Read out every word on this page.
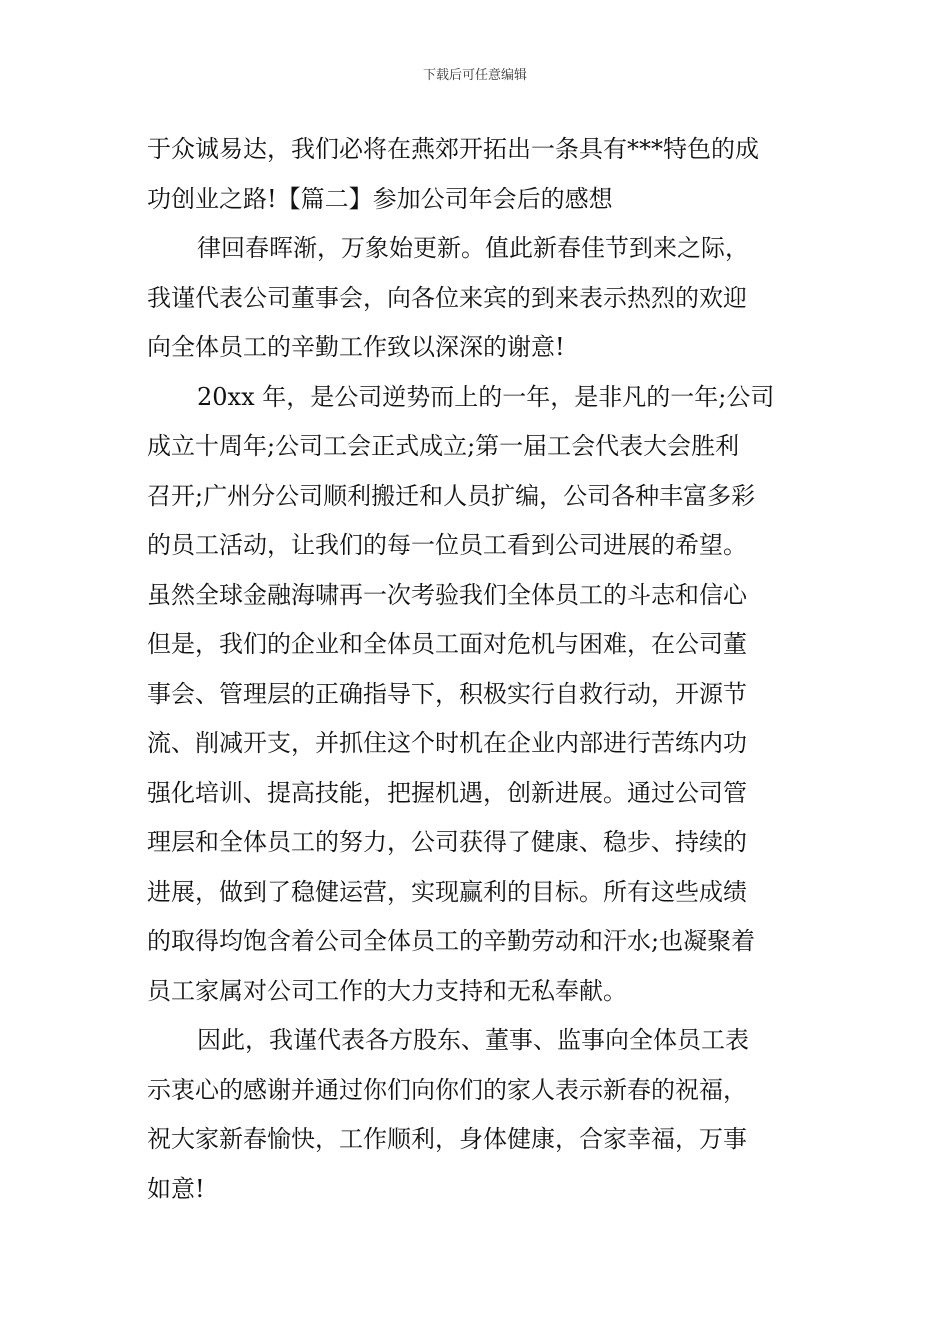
下载后可任意编辑
于众诚易达，我们必将在燕郊开拓出一条具有***特色的成
功创业之路!【篇二】参加公司年会后的感想
律回春晖渐，万象始更新。值此新春佳节到来之际，
我谨代表公司董事会，向各位来宾的到来表示热烈的欢迎
向全体员工的辛勤工作致以深深的谢意!
20xx 年，是公司逆势而上的一年，是非凡的一年;公司
成立十周年;公司工会正式成立;第一届工会代表大会胜利
召开;广州分公司顺利搬迁和人员扩编，公司各种丰富多彩
的员工活动，让我们的每一位员工看到公司进展的希望。
虽然全球金融海啸再一次考验我们全体员工的斗志和信心
但是，我们的企业和全体员工面对危机与困难，在公司董
事会、管理层的正确指导下，积极实行自救行动，开源节
流、削减开支，并抓住这个时机在企业内部进行苦练内功
强化培训、提高技能，把握机遇，创新进展。通过公司管
理层和全体员工的努力，公司获得了健康、稳步、持续的
进展，做到了稳健运营，实现赢利的目标。所有这些成绩
的取得均饱含着公司全体员工的辛勤劳动和汗水;也凝聚着
员工家属对公司工作的大力支持和无私奉献。
因此，我谨代表各方股东、董事、监事向全体员工表
示衷心的感谢并通过你们向你们的家人表示新春的祝福，
祝大家新春愉快，工作顺利，身体健康，合家幸福，万事
如意!
